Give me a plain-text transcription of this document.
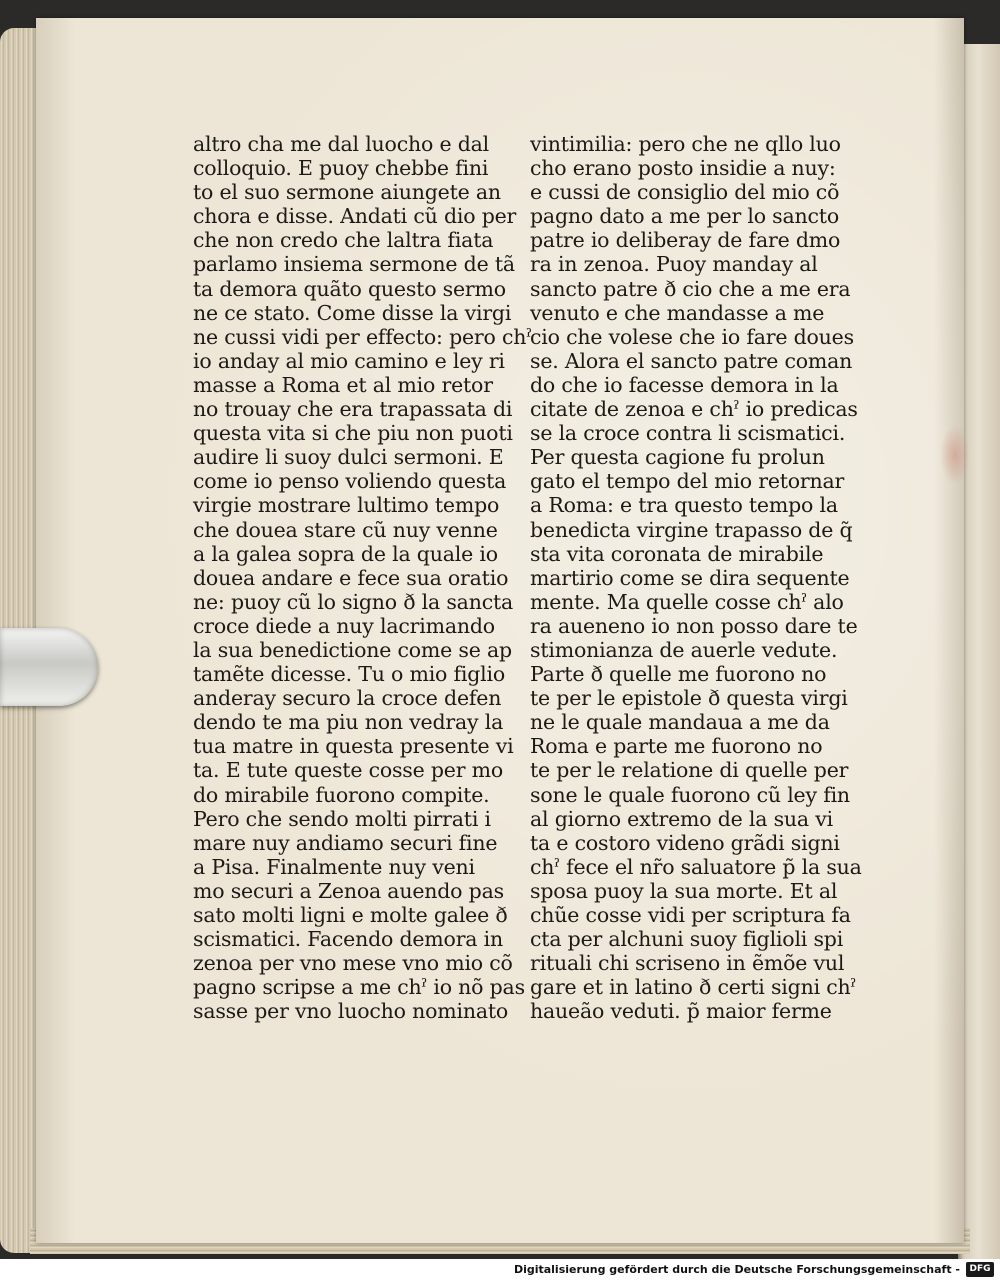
altro cha me dal luocho e dal
colloquio. E puoy chebbe fini
to el suo sermone aiungete an
chora e disse. Andati cũ dio per
che non credo che laltra fiata
parlamo insiema sermone de tã
ta demora quãto questo sermo
ne ce stato. Come disse la virgi
ne cussi vidi per effecto: pero chˀ
io anday al mio camino e ley ri
masse a Roma et al mio retor
no trouay che era trapassata di
questa vita si che piu non puoti
audire li suoy dulci sermoni. E
come io penso voliendo questa
virgie mostrare lultimo tempo
che douea stare cũ nuy venne
a la galea sopra de la quale io
douea andare e fece sua oratio
ne: puoy cũ lo signo ð la sancta
croce diede a nuy lacrimando
la sua benedictione come se ap
tamẽte dicesse. Tu o mio figlio
anderay securo la croce defen
dendo te ma piu non vedray la
tua matre in questa presente vi
ta. E tute queste cosse per mo
do mirabile fuorono compite.
Pero che sendo molti pirrati i
mare nuy andiamo securi fine
a Pisa. Finalmente nuy veni
mo securi a Zenoa auendo pas
sato molti ligni e molte galee ð
scismatici. Facendo demora in
zenoa per vno mese vno mio cõ
pagno scripse a me chˀ io nõ pas
sasse per vno luocho nominato
vintimilia: pero che ne qllo luo
cho erano posto insidie a nuy:
e cussi de consiglio del mio cõ
pagno dato a me per lo sancto
patre io deliberay de fare dmo
ra in zenoa. Puoy manday al
sancto patre ð cio che a me era
venuto e che mandasse a me
cio che volese che io fare doues
se. Alora el sancto patre coman
do che io facesse demora in la
citate de zenoa e chˀ io predicas
se la croce contra li scismatici.
Per questa cagione fu prolun
gato el tempo del mio retornar
a Roma: e tra questo tempo la
benedicta virgine trapasso de q̃
sta vita coronata de mirabile
martirio come se dira sequente
mente. Ma quelle cosse chˀ alo
ra aueneno io non posso dare te
stimonianza de auerle vedute.
Parte ð quelle me fuorono no
te per le epistole ð questa virgi
ne le quale mandaua a me da
Roma e parte me fuorono no
te per le relatione di quelle per
sone le quale fuorono cũ ley fin
al giorno extremo de la sua vi
ta e costoro videno grãdi signi
chˀ fece el nr̃o saluatore p̃ la sua
sposa puoy la sua morte. Et al
chũe cosse vidi per scriptura fa
cta per alchuni suoy figlioli spi
rituali chi scriseno in ẽmõe vul
gare et in latino ð certi signi chˀ
haueão veduti. p̃ maior ferme
Digitalisierung gefördert durch die Deutsche Forschungsgemeinschaft -	DFG
